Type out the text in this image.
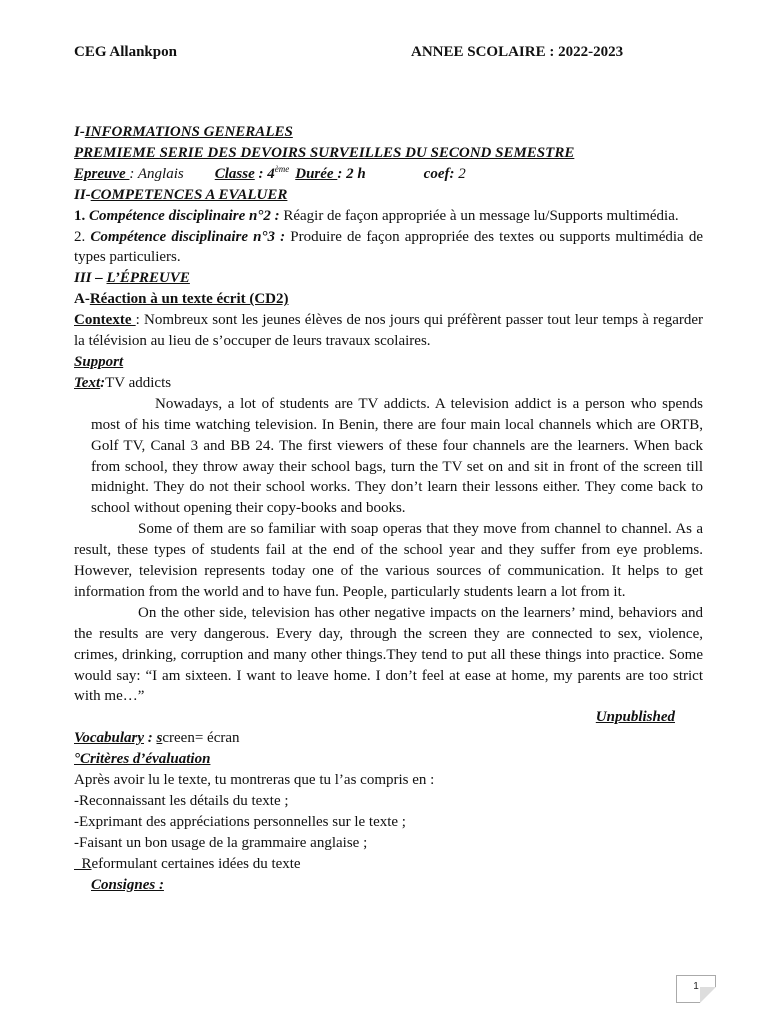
CEG Allankpon	ANNEE SCOLAIRE : 2022-2023
I-INFORMATIONS GENERALES
PREMIEME SERIE DES DEVOIRS SURVEILLES DU SECOND SEMESTRE
Epreuve : Anglais Classe : 4ème Durée : 2 h	coef: 2
II-COMPETENCES A EVALUER
1. Compétence disciplinaire n°2 : Réagir de façon appropriée à un message lu/Supports multimédia.
2. Compétence disciplinaire n°3 : Produire de façon appropriée des textes ou supports multimédia de types particuliers.
III – L’ÉPREUVE
A-Réaction à un texte écrit (CD2)
Contexte : Nombreux sont les jeunes élèves de nos jours qui préfèrent passer tout leur temps à regarder la télévision au lieu de s’occuper de leurs travaux scolaires.
Support
Text:TV addicts
Nowadays, a lot of students are TV addicts. A television addict is a person who spends most of his time watching television. In Benin, there are four main local channels which are ORTB, Golf TV, Canal 3 and BB 24. The first viewers of these four channels are the learners. When back from school, they throw away their school bags, turn the TV set on and sit in front of the screen till midnight. They do not their school works. They don’t learn their lessons either. They come back to school without opening their copy-books and books.
Some of them are so familiar with soap operas that they move from channel to channel. As a result, these types of students fail at the end of the school year and they suffer from eye problems. However, television represents today one of the various sources of communication. It helps to get information from the world and to have fun. People, particularly students learn a lot from it.
On the other side, television has other negative impacts on the learners’ mind, behaviors and the results are very dangerous. Every day, through the screen they are connected to sex, violence, crimes, drinking, corruption and many other things.They tend to put all these things into practice. Some would say: “I am sixteen. I want to leave home. I don’t feel at ease at home, my parents are too strict with me…”
Unpublished
Vocabulary : screen= écran
°Critères d’évaluation
Après avoir lu le texte, tu montreras que tu l’as compris en :
-Reconnaissant les détails du texte ;
-Exprimant des appréciations personnelles sur le texte ;
-Faisant un bon usage de la grammaire anglaise ;
Reformulant certaines idées du texte
Consignes :
1
